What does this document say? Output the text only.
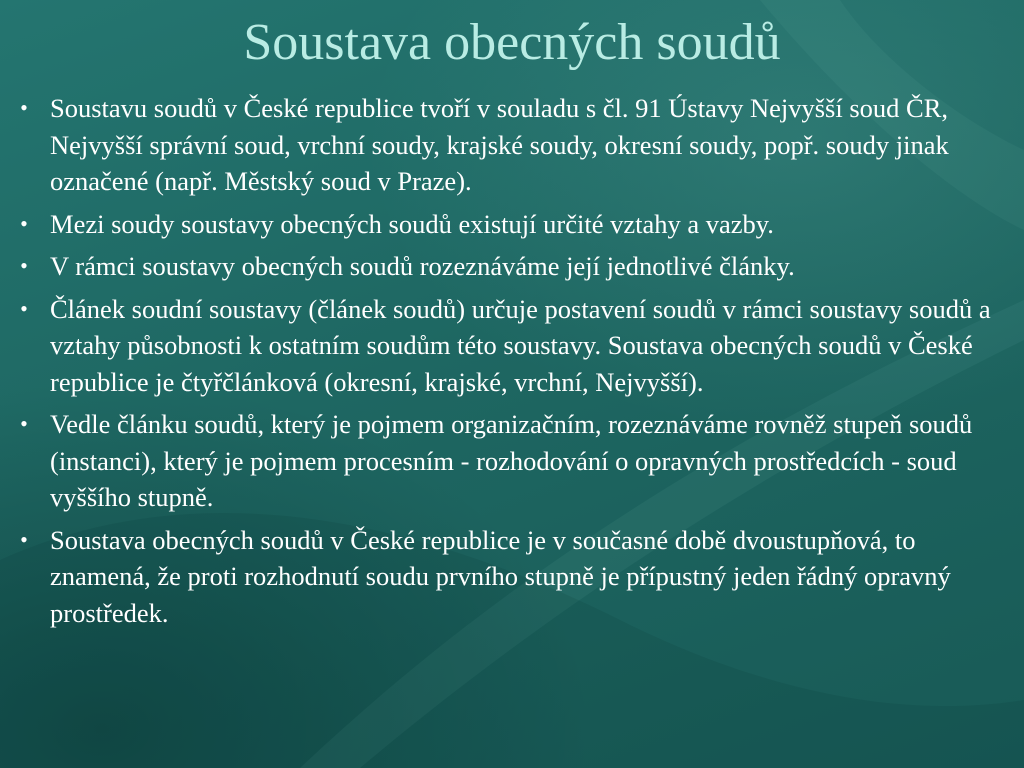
Soustava obecných soudů
• Soustavu soudů v České republice tvoří v souladu s čl. 91 Ústavy Nejvyšší soud ČR, Nejvyšší správní soud, vrchní soudy, krajské soudy, okresní soudy, popř. soudy jinak označené (např. Městský soud v Praze).
• Mezi soudy soustavy obecných soudů existují určité vztahy a vazby.
• V rámci soustavy obecných soudů rozeznáváme její jednotlivé články.
• Článek soudní soustavy (článek soudů) určuje postavení soudů v rámci soustavy soudů a vztahy působnosti k ostatním soudům této soustavy. Soustava obecných soudů v České republice je čtyřčlánková (okresní, krajské, vrchní, Nejvyšší).
• Vedle článku soudů, který je pojmem organizačním, rozeznáváme rovněž stupeň soudů (instanci), který je pojmem procesním - rozhodování o opravných prostředcích - soud vyššího stupně.
• Soustava obecných soudů v České republice je v současné době dvoustupňová, to znamená, že proti rozhodnutí soudu prvního stupně je přípustný jeden řádný opravný prostředek.
